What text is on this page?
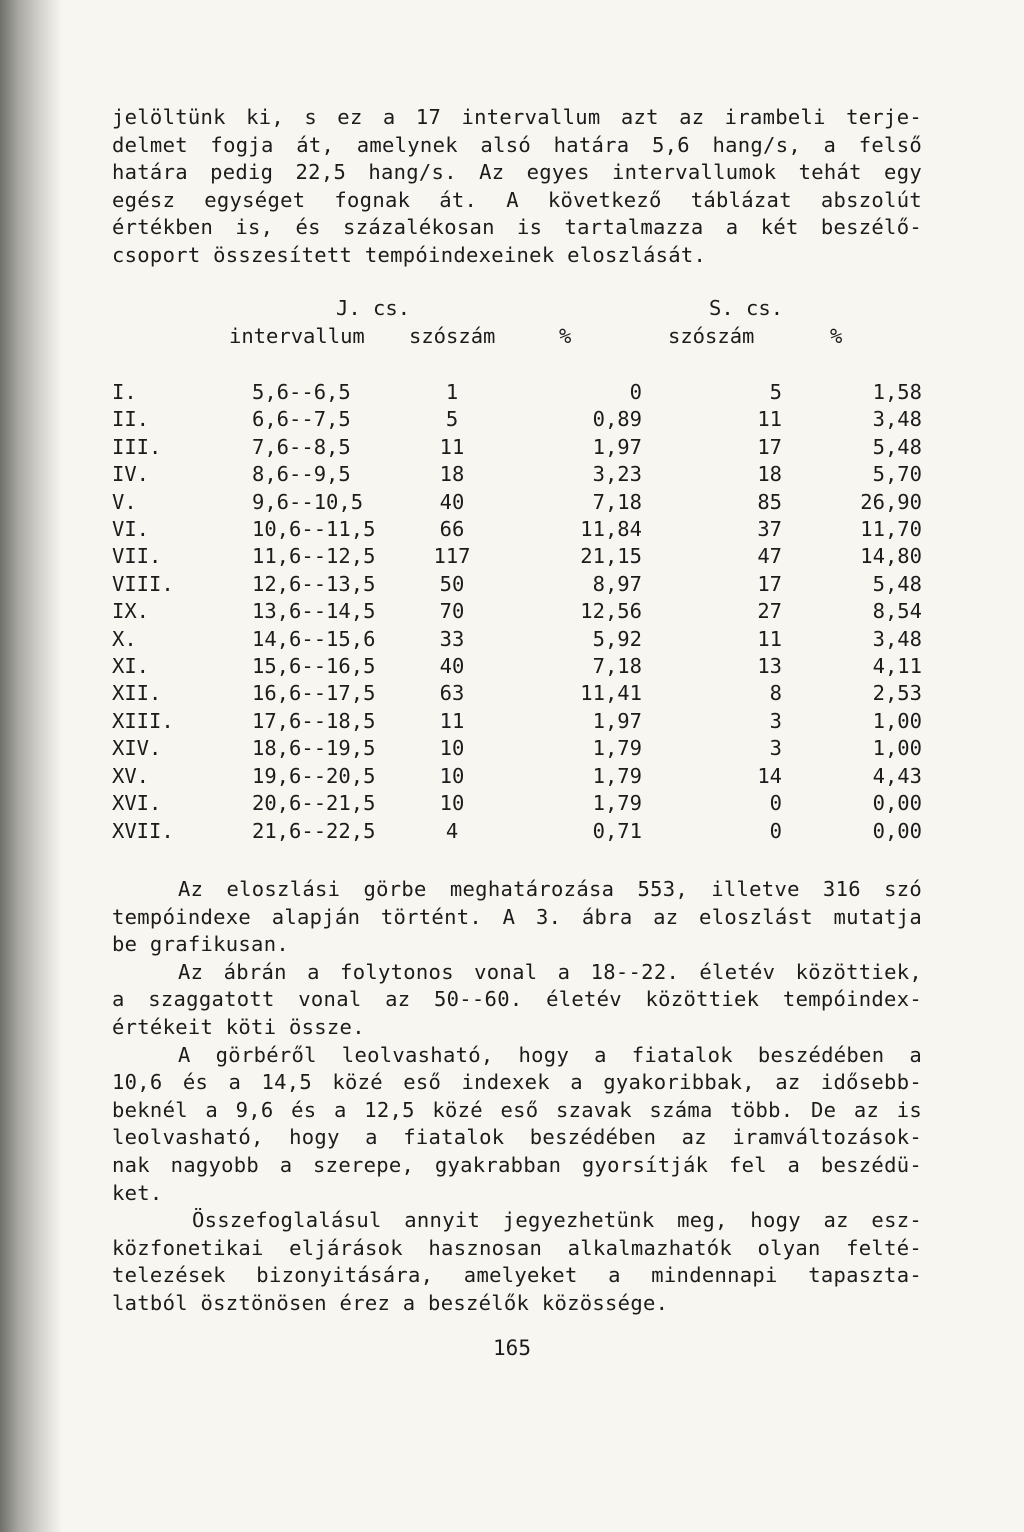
jelöltünk ki, s ez a 17 intervallum azt az irambeli terje-
delmet fogja át, amelynek alsó határa 5,6 hang/s, a felső
határa pedig 22,5 hang/s. Az egyes intervallumok tehát egy
egész egységet fognak át. A következő táblázat abszolút
értékben is, és százalékosan is tartalmazza a két beszélő-
csoport összesített tempóindexeinek eloszlását.

J. cs.	S. cs.
intervallum szószám	%	szószám	%
I.	5,6--6,5	1	0	5	1,58
II.	6,6--7,5	5	0,89	11	3,48
III.	7,6--8,5	11	1,97	17	5,48
IV.	8,6--9,5	18	3,23	18	5,70
V.	9,6--10,5	40	7,18	85	26,90
VI.	10,6--11,5	66	11,84	37	11,70
VII.	11,6--12,5	117	21,15	47	14,80
VIII.	12,6--13,5	50	8,97	17	5,48
IX.	13,6--14,5	70	12,56	27	8,54
X.	14,6--15,6	33	5,92	11	3,48
XI.	15,6--16,5	40	7,18	13	4,11
XII.	16,6--17,5	63	11,41	8	2,53
XIII.	17,6--18,5	11	1,97	3	1,00
XIV.	18,6--19,5	10	1,79	3	1,00
XV.	19,6--20,5	10	1,79	14	4,43
XVI.	20,6--21,5	10	1,79	0	0,00
XVII.	21,6--22,5	4	0,71	0	0,00

Az eloszlási görbe meghatározása 553, illetve 316 szó
tempóindexe alapján történt. A 3. ábra az eloszlást mutatja
be grafikusan.

Az ábrán a folytonos vonal a 18--22. életév közöttiek,
a szaggatott vonal az 50--60. életév közöttiek tempóindex-
értékeit köti össze.

A görbéről leolvasható, hogy a fiatalok beszédében a
10,6 és a 14,5 közé eső indexek a gyakoribbak, az idősebb-
beknél a 9,6 és a 12,5 közé eső szavak száma több. De az is
leolvasható, hogy a fiatalok beszédében az iramváltozások-
nak nagyobb a szerepe, gyakrabban gyorsítják fel a beszédü-
ket.

Összefoglalásul annyit jegyezhetünk meg, hogy az esz-
közfonetikai eljárások hasznosan alkalmazhatók olyan felté-
telezések bizonyitására, amelyeket a mindennapi tapaszta-
latból ösztönösen érez a beszélők közössége.

165
